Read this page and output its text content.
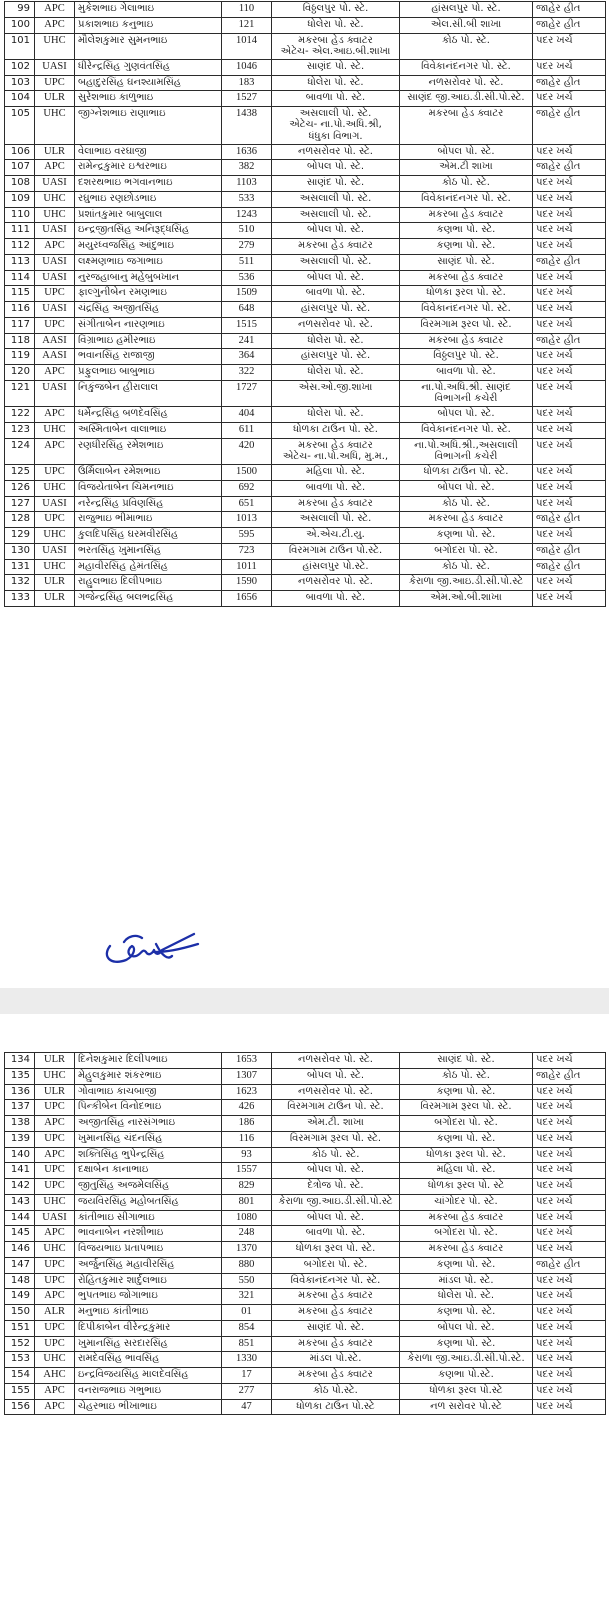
99	APC	મુકેશભાઇ ગેલાભાઇ	110	વિઠ્ઠલપુર પો. સ્ટે.	હાંસલપુર પો. સ્ટે.	જાહેર હીત
100	APC	પ્રકાશભાઇ કનુભાઇ	121	ધોલેરા પો. સ્ટે.	એલ.સી.બી શાખા	જાહેર હીત
101	UHC	મૌલેશકુમાર સુમનભાઇ	1014	મકરબા હેડ ક્વાટર
એટેચ- એલ.આઇ.બી.શાખા	કોઠ પો. સ્ટે.	પદર ખર્ચ
102	UASI	ધીરેન્દ્રસિંહ ગુણવંતસિંહ	1046	સાણંદ પો. સ્ટે.	વિવેકાનંદનગર પો. સ્ટે.	પદર ખર્ચ
103	UPC	બહાદુરસિંહ ઘનશ્યામસિંહ	183	ધોલેરા પો. સ્ટે.	નળસરોવર પો. સ્ટે.	જાહેર હીત
104	ULR	સુરેશભાઇ કાળુભાઇ	1527	બાવળા પો. સ્ટે.	સાણંદ જી.આઇ.ડી.સી.પો.સ્ટે.	પદર ખર્ચ
105	UHC	જીગ્નેશભાઇ રાણાભાઇ	1438	અસલાલી પો. સ્ટે.
એટેચ- ના.પો.અધિ.શ્રી,
ધંધુકા વિભાગ.	મકરબા હેડ ક્વાટર	જાહેર હીત
106	ULR	વેલાભાઇ વરઘાજી	1636	નળસરોવર પો. સ્ટે.	બોપલ પો. સ્ટે.	પદર ખર્ચ
107	APC	રામેન્દ્રકુમાર ઇશ્વરભાઇ	382	બોપલ પો. સ્ટે.	એમ.ટી શાખા	જાહેર હીત
108	UASI	દશરથભાઇ ભગવાનભાઇ	1103	સાણંદ પો. સ્ટે.	કોઠ પો. સ્ટે.	પદર ખર્ચ
109	UHC	રઘુભાઇ રણછોડભાઇ	533	અસલાલી પો. સ્ટે.	વિવેકાનંદનગર પો. સ્ટે.	પદર ખર્ચ
110	UHC	પ્રશાંતકુમાર બાબુલાલ	1243	અસલાલી પો. સ્ટે.	મકરબા હેડ ક્વાટર	પદર ખર્ચ
111	UASI	ઇન્દ્રજીતસિંહ અનિરૂદ્ધસિંહ	510	બોપલ પો. સ્ટે.	કણભા પો. સ્ટે.	પદર ખર્ચ
112	APC	મયુરધ્વજસિંહ આંદુભાઇ	279	મકરબા હેડ ક્વાટર	કણભા પો. સ્ટે.	પદર ખર્ચ
113	UASI	લક્ષ્મણભાઇ જગાભાઇ	511	અસલાલી પો. સ્ટે.	સાણંદ પો. સ્ટે.	જાહેર હીત
114	UASI	નુરજહાબાનુ મહેબુબખાન	536	બોપલ પો. સ્ટે.	મકરબા હેડ ક્વાટર	પદર ખર્ચ
115	UPC	ફાલ્ગુનીબેન રમણભાઇ	1509	બાવળા પો. સ્ટે.	ધોળકા રૂરલ પો. સ્ટે.	પદર ખર્ચ
116	UASI	ચંદ્રસિંહ અજીતસિંહ	648	હાંસલપુર પો. સ્ટે.	વિવેકાનંદનગર પો. સ્ટે.	પદર ખર્ચ
117	UPC	સંગીતાબેન નારણભાઇ	1515	નળસરોવર પો. સ્ટે.	વિરમગામ રૂરલ પો. સ્ટે.	પદર ખર્ચ
118	AASI	વિંગ્રાભાઇ હમીરભાઇ	241	ધોલેરા પો. સ્ટે.	મકરબા હેડ ક્વાટર	જાહેર હીત
119	AASI	ભવાનસિંહ રાજાજી	364	હાંસલપુર પો. સ્ટે.	વિઠ્ઠલપુર પો. સ્ટે.	પદર ખર્ચ
120	APC	પ્રફુલભાઇ બાબુભાઇ	322	ધોલેરા પો. સ્ટે.	બાવળા પો. સ્ટે.	પદર ખર્ચ
121	UASI	નિકુંજબેન હીરાલાલ	1727	એસ.ઓ.જી.શાખા	ના.પો.અધિ.શ્રી. સાણંદ
વિભાગની કચેરી	પદર ખર્ચ
122	APC	ધર્મેન્દ્રસિંહ બળદેવસિંહ	404	ધોલેરા પો. સ્ટે.	બોપલ પો. સ્ટે.	પદર ખર્ચ
123	UHC	અસ્મિતાબેન વાલાભાઇ	611	ધોળકા ટાઉન પો. સ્ટે.	વિવેકાનંદનગર પો. સ્ટે.	પદર ખર્ચ
124	APC	રણધીરસિંહ રમેશભાઇ	420	મકરબા હેડ ક્વાટર
એટેચ- ના.પો.અધિ, મુ.મ.,	ના.પો.અધિ.શ્રી.,અસલાલી
વિભાગની કચેરી	પદર ખર્ચ
125	UPC	ઉર્મિલાબેન રમેશભાઇ	1500	મહિલા પો. સ્ટે.	ધોળકા ટાઉન પો. સ્ટે.	પદર ખર્ચ
126	UHC	વિજયેતાબેન ચિમનભાઇ	692	બાવળા પો. સ્ટે.	બોપલ પો. સ્ટે.	પદર ખર્ચ
127	UASI	નરેન્દ્રસિંહ પ્રવિણસિંહ	651	મકરબા હેડ ક્વાટર	કોઠ પો. સ્ટે.	પદર ખર્ચ
128	UPC	રાજુભાઇ ભીમાભાઇ	1013	અસલાલી પો. સ્ટે.	મકરબા હેડ ક્વાટર	જાહેર હીત
129	UHC	કુલદિપસિંહ ઘરમવીરસિંહ	595	એ.એચ.ટી.યુ.	કણભા પો. સ્ટે.	પદર ખર્ચ
130	UASI	ભરતસિંહ ખુમાનસિંહ	723	વિરમગામ ટાઉન પો.સ્ટે.	બગોદરા પો. સ્ટે.	જાહેર હીત
131	UHC	મહાવીરસિંહ હેમંતસિંહ	1011	હાંસલપુર પો.સ્ટે.	કોઠ પો. સ્ટે.	જાહેર હીત
132	ULR	રાહુલભાઇ દિલીપભાઇ	1590	નળસરોવર પો. સ્ટે.	કેરાળા જી.આઇ.ડી.સી.પો.સ્ટે	પદર ખર્ચ
133	ULR	ગજેન્દ્રસિંહ બલભદ્રસિંહ	1656	બાવળા પો. સ્ટે.	એમ.ઓ.બી.શાખા	પદર ખર્ચ
134	ULR	દિનેશકુમાર દિલીપભાઇ	1653	નળસરોવર પો. સ્ટે.	સાણંદ પો. સ્ટે.	પદર ખર્ચ
135	UHC	મેહુલકુમાર શંકરભાઇ	1307	બોપલ પો. સ્ટે.	કોઠ પો. સ્ટે.	જાહેર હીત
136	ULR	ગોવાભાઇ કાચબાજી	1623	નળસરોવર પો. સ્ટે.	કણભા પો. સ્ટે.	પદર ખર્ચ
137	UPC	પિન્કીબેન વિનોદભાઇ	426	વિરમગામ ટાઉન પો. સ્ટે.	વિરમગામ રૂરલ પો. સ્ટે.	પદર ખર્ચ
138	APC	અજીતસિંહ નારસંગભાઇ	186	એમ.ટી. શાખા	બગોદરા પો. સ્ટે.	પદર ખર્ચ
139	UPC	ખુમાનસિંહ ચંદનસિંહ	116	વિરમગામ રૂરલ પો. સ્ટે.	કણભા પો. સ્ટે.	પદર ખર્ચ
140	APC	શક્તિસિંહ ભુપેન્દ્રસિંહ	93	કોઠ પો. સ્ટે.	ધોળકા રૂરલ પો. સ્ટે.	પદર ખર્ચ
141	UPC	દક્ષાબેન કાનાભાઇ	1557	બોપલ પો. સ્ટે.	મહિલા પો. સ્ટે.	પદર ખર્ચ
142	UPC	જીતુસિંહ અજમેલસિંહ	829	દેત્રોજ પો. સ્ટે.	ધોળકા રૂરલ પો. સ્ટે	પદર ખર્ચ
143	UHC	જયવિરસિંહ મહોબતસિંહ	801	કેરાળા જી.આઇ.ડી.સી.પો.સ્ટે	ચાંગોદર પો. સ્ટે.	પદર ખર્ચ
144	UASI	કાંતીભાઇ સીગાભાઇ	1080	બોપલ પો. સ્ટે.	મકરબા હેડ ક્વાટર	પદર ખર્ચ
145	APC	ભાવનાબેન નરશીભાઇ	248	બાવળા પો. સ્ટે.	બગોદરા પો. સ્ટે.	પદર ખર્ચ
146	UHC	વિજયભાઇ પ્રતાપભાઇ	1370	ધોળકા રૂરલ પો. સ્ટે.	મકરબા હેડ ક્વાટર	પદર ખર્ચ
147	UPC	અર્જુનસિંહ મહાવીરસિંહ	880	બગોદરા પો. સ્ટે.	કણભા પો. સ્ટે.	જાહેર હીત
148	UPC	રોહિતકુમાર શાર્દુલભાઇ	550	વિવેકાનંદનગર પો. સ્ટે.	માંડલ પો. સ્ટે.	પદર ખર્ચ
149	APC	ભુપતભાઇ જોગાભાઇ	321	મકરબા હેડ ક્વાટર	ધોલેરા પો. સ્ટે.	પદર ખર્ચ
150	ALR	મનુભાઇ કાંતીભાઇ	01	મકરબા હેડ ક્વાટર	કણભા પો. સ્ટે.	પદર ખર્ચ
151	UPC	દિપીકાબેન વીરેન્દ્રકુમાર	854	સાણંદ પો. સ્ટે.	બોપલ પો. સ્ટે.	પદર ખર્ચ
152	UPC	ખુમાનસિંહ સરદારસિંહ	851	મકરબા હેડ ક્વાટર	કણભા પો. સ્ટે.	પદર ખર્ચ
153	UHC	રામદેવસિંહ ભાવસિંહ	1330	માંડલ પો.સ્ટે.	કેરાળા જી.આઇ.ડી.સી.પો.સ્ટે.	પદર ખર્ચ
154	AHC	ઇન્દ્રવિજયસિંહ માલદેવસિંહ	17	મકરબા હેડ ક્વાટર	કણભા પો.સ્ટે.	પદર ખર્ચ
155	APC	વનરાજભાઇ ગભુભાઇ	277	કોઠ પો.સ્ટે.	ધોળકા રૂરલ પો.સ્ટે	પદર ખર્ચ
156	APC	ચેહરભાઇ ભીખાભાઇ	47	ધોળકા ટાઉન પો.સ્ટે	નળ સરોવર પો.સ્ટે	પદર ખર્ચ
